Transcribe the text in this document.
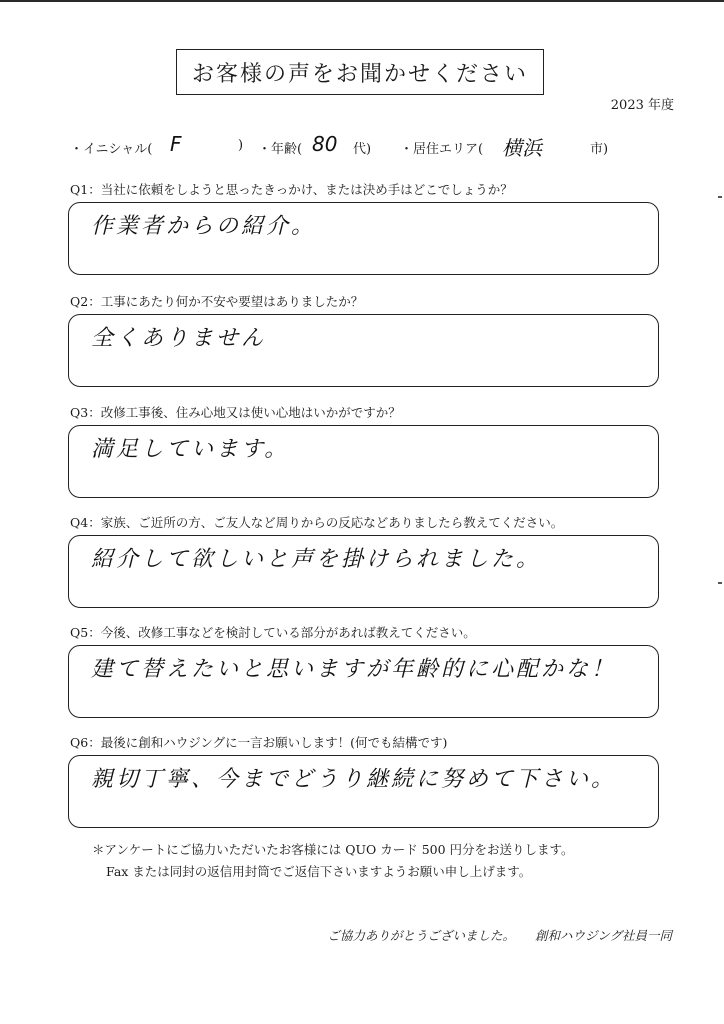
お客様の声をお聞かせください
2023 年度
・イニシャル( F	) ・年齢( 80 代) ・居住エリア( 横浜	市)
Q1：当社に依頼をしようと思ったきっかけ、または決め手はどこでしょうか？
作業者からの紹介。
Q2：工事にあたり何か不安や要望はありましたか？
全くありません
Q3：改修工事後、住み心地又は使い心地はいかがですか？
満足しています。
Q4：家族、ご近所の方、ご友人など周りからの反応などありましたら教えてください。
紹介して欲しいと声を掛けられました。
Q5：今後、改修工事などを検討している部分があれば教えてください。
建て替えたいと思いますが年齢的に心配かな！
Q6：最後に創和ハウジングに一言お願いします！(何でも結構です)
親切丁寧、今までどうり継続に努めて下さい。
＊アンケートにご協力いただいたお客様には QUO カード 500 円分をお送りします。
Fax または同封の返信用封筒でご返信下さいますようお願い申し上げます。
ご協力ありがとうございました。 創和ハウジング社員一同
